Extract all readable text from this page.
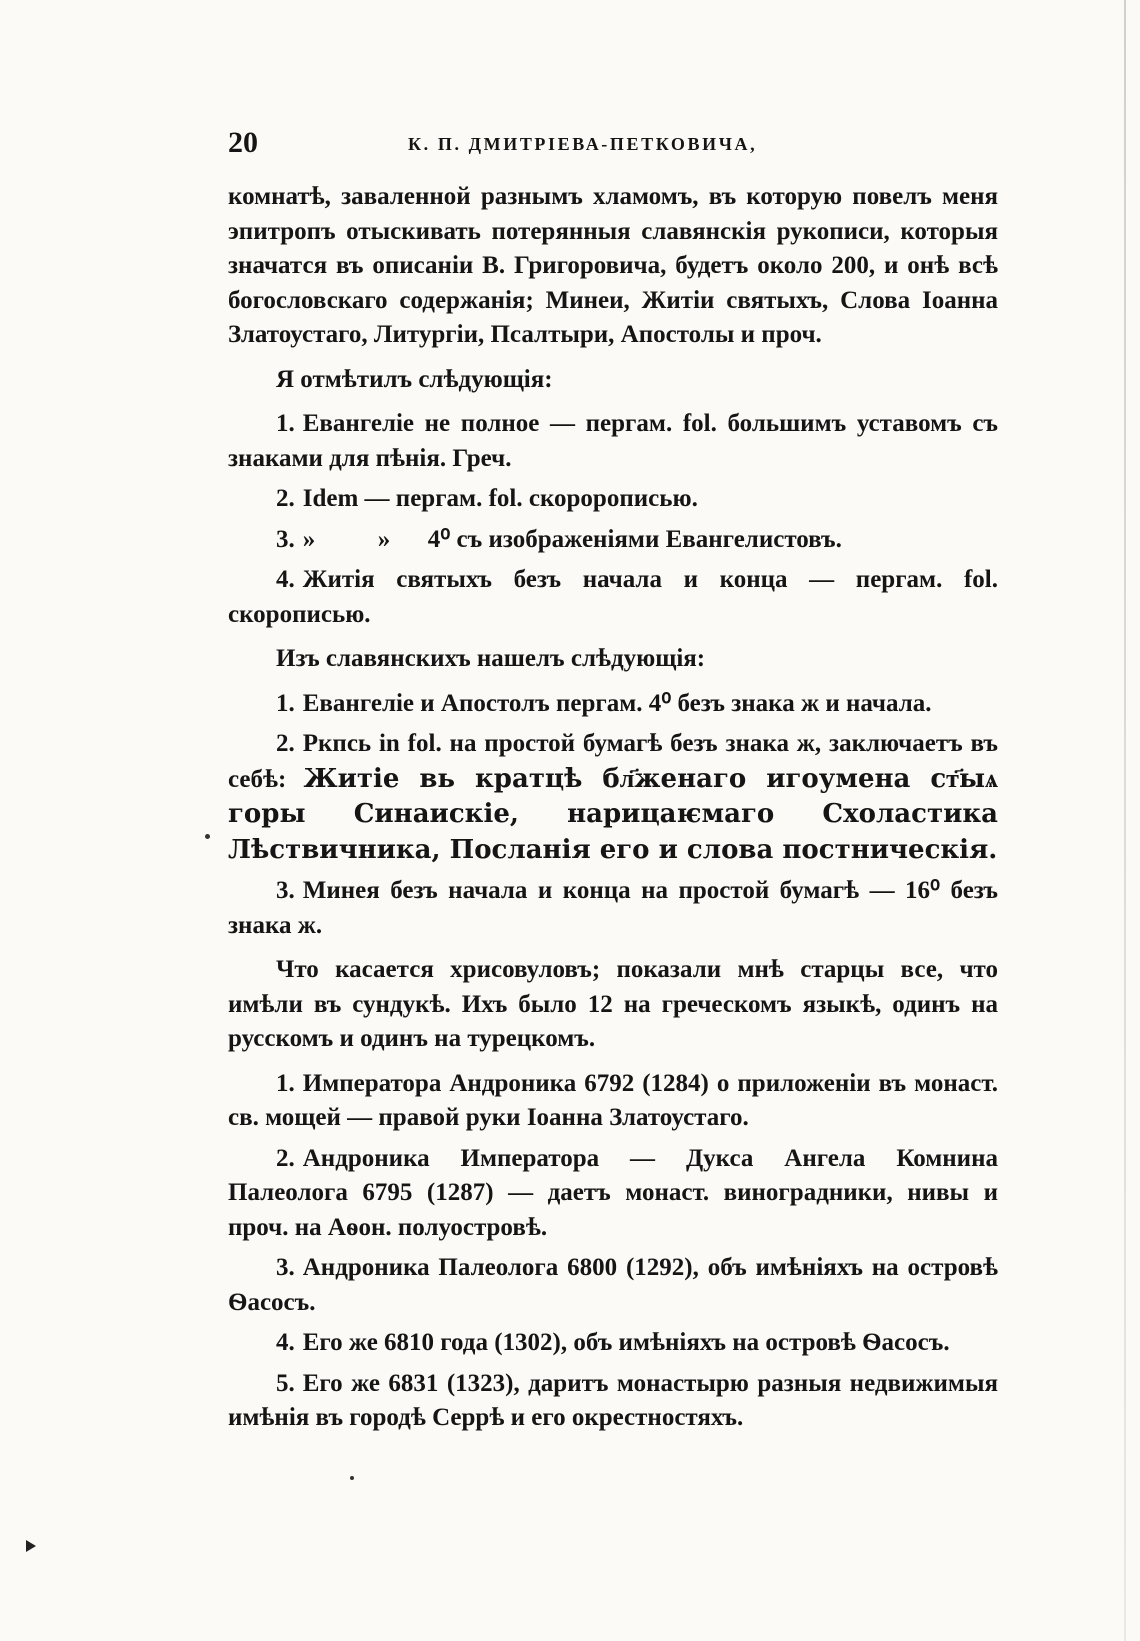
20	К. П. ДМИТРІЕВА-ПЕТКОВИЧА,

комнатѣ, заваленной разнымъ хламомъ, въ которую повелъ меня эпитропъ отыскивать потерянныя славянскія рукописи, которыя значатся въ описаніи В. Григоровича, будетъ около 200, и онѣ всѣ богословскаго содержанія; Минеи, Житіи святыхъ, Слова Іоанна Златоустаго, Литургіи, Псалтыри, Апостолы и проч.

Я отмѣтилъ слѣдующія:

1. Евангеліе не полное — пергам. fol. большимъ уставомъ съ знаками для пѣнія. Греч.

2. Idem — пергам. fol. скоророписью.

3. »          »      4⁰ съ изображеніями Евангелистовъ.

4. Житія святыхъ безъ начала и конца — пергам. fol. скорописью.

Изъ славянскихъ нашелъ слѣдующія:

1. Евангеліе и Апостолъ пергам. 4⁰ безъ знака ж и начала.

2. Ркпсь in fol. на простой бумагѣ безъ знака ж, заключаетъ въ себѣ: Житіе вь кратцѣ бл҃женаго игоумена ст҃ыѧ горы Синаискіе, нарицаѥмаго Схоластика Лѣствичника, Посланія его и слова постническія.

3. Минея безъ начала и конца на простой бумагѣ — 16⁰ безъ знака ж.

Что касается хрисовуловъ; показали мнѣ старцы все, что имѣли въ сундукѣ. Ихъ было 12 на греческомъ языкѣ, одинъ на русскомъ и одинъ на турецкомъ.

1. Императора Андроника 6792 (1284) о приложеніи въ монаст. св. мощей — правой руки Іоанна Златоустаго.

2. Андроника Императора — Дукса Ангела Комнина Палеолога 6795 (1287) — даетъ монаст. виноградники, нивы и проч. на Аѳон. полуостровѣ.

3. Андроника Палеолога 6800 (1292), объ имѣніяхъ на островѣ Ѳасосъ.

4. Его же 6810 года (1302), объ имѣніяхъ на островѣ Ѳасосъ.

5. Его же 6831 (1323), даритъ монастырю разныя недвижимыя имѣнія въ городѣ Серрѣ и его окрестностяхъ.
